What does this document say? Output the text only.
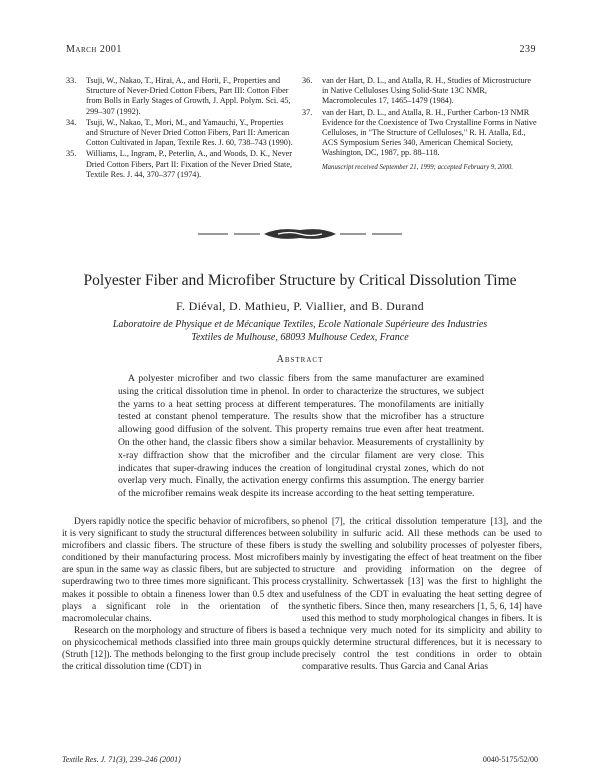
March 2001	239
33. Tsuji, W., Nakao, T., Hirai, A., and Horii, F., Properties and Structure of Never-Dried Cotton Fibers, Part III: Cotton Fiber from Bolls in Early Stages of Growth, J. Appl. Polym. Sci. 45, 299–307 (1992).
34. Tsuji, W., Nakao, T., Mori, M., and Yamauchi, Y., Properties and Structure of Never Dried Cotton Fibers, Part II: American Cotton Cultivated in Japan, Textile Res. J. 60, 738–743 (1990).
35. Williams, L., Ingram, P., Peterlin, A., and Woods, D. K., Never Dried Cotton Fibers, Part II: Fixation of the Never Dried State, Textile Res. J. 44, 370–377 (1974).
36. van der Hart, D. L., and Atalla, R. H., Studies of Microstructure in Native Celluloses Using Solid-State 13C NMR, Macromolecules 17, 1465–1479 (1984).
37. van der Hart, D. L., and Atalla, R. H., Further Carbon-13 NMR Evidence for the Coexistence of Two Crystalline Forms in Native Celluloses, in "The Structure of Celluloses," R. H. Atalla, Ed., ACS Symposium Series 340, American Chemical Society, Washington, DC, 1987, pp. 88–118.
Manuscript received September 21, 1999; accepted February 9, 2000.
Polyester Fiber and Microfiber Structure by Critical Dissolution Time
F. Diéval, D. Mathieu, P. Viallier, and B. Durand
Laboratoire de Physique et de Mécanique Textiles, Ecole Nationale Supérieure des Industries Textiles de Mulhouse, 68093 Mulhouse Cedex, France
Abstract
A polyester microfiber and two classic fibers from the same manufacturer are examined using the critical dissolution time in phenol. In order to characterize the structures, we subject the yarns to a heat setting process at different temperatures. The monofilaments are initially tested at constant phenol temperature. The results show that the microfiber has a structure allowing good diffusion of the solvent. This property remains true even after heat treatment. On the other hand, the classic fibers show a similar behavior. Measurements of crystallinity by x-ray diffraction show that the microfiber and the circular filament are very close. This indicates that super-drawing induces the creation of longitudinal crystal zones, which do not overlap very much. Finally, the activation energy confirms this assumption. The energy barrier of the microfiber remains weak despite its increase according to the heat setting temperature.

Dyers rapidly notice the specific behavior of microfibers, so it is very significant to study the structural differences between microfibers and classic fibers. The structure of these fibers is conditioned by their manufacturing process. Most microfibers are spun in the same way as classic fibers, but are subjected to superdrawing two to three times more significant. This process makes it possible to obtain a fineness lower than 0.5 dtex and plays a significant role in the orientation of the macromolecular chains.

Research on the morphology and structure of fibers is based on physicochemical methods classified into three main groups (Struth [12]). The methods belonging to the first group include the critical dissolution time (CDT) in

phenol [7], the critical dissolution temperature [13], and the solubility in sulfuric acid. All these methods can be used to study the swelling and solubility processes of polyester fibers, mainly by investigating the effect of heat treatment on the fiber structure and providing information on the degree of crystallinity. Schwertassek [13] was the first to highlight the usefulness of the CDT in evaluating the heat setting degree of synthetic fibers. Since then, many researchers [1, 5, 6, 14] have used this method to study morphological changes in fibers. It is a technique very much noted for its simplicity and ability to quickly determine structural differences, but it is necessary to precisely control the test conditions in order to obtain comparative results. Thus Garcia and Canal Arias

Textile Res. J. 71(3), 239–246 (2001)	0040-5175/52/00
